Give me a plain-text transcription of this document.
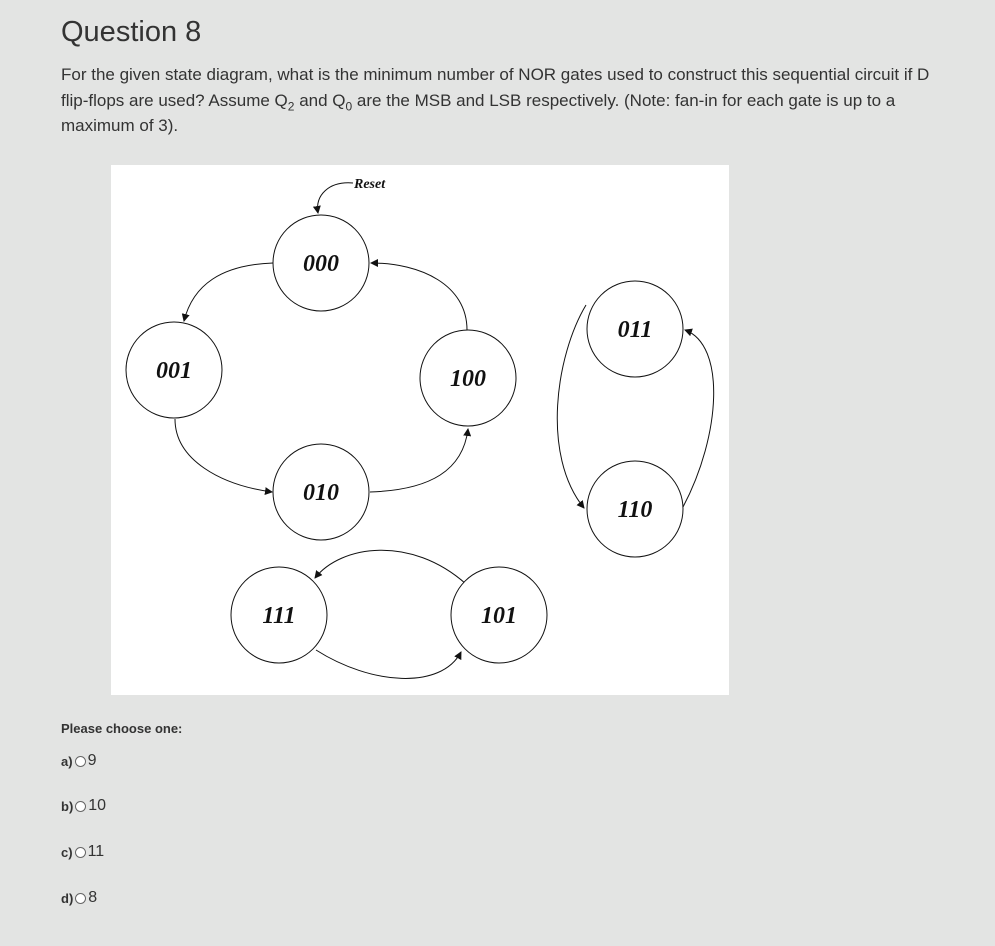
Question 8
For the given state diagram, what is the minimum number of NOR gates used to construct this sequential circuit if D flip-flops are used? Assume $Q_2$ and $Q_0$ are the MSB and LSB respectively. (Note: fan-in for each gate is up to a maximum of 3).
Reset
000
001	100
010
011
110
111	101
Please choose one:
a) 9
b) 10
c) 11
d) 8
